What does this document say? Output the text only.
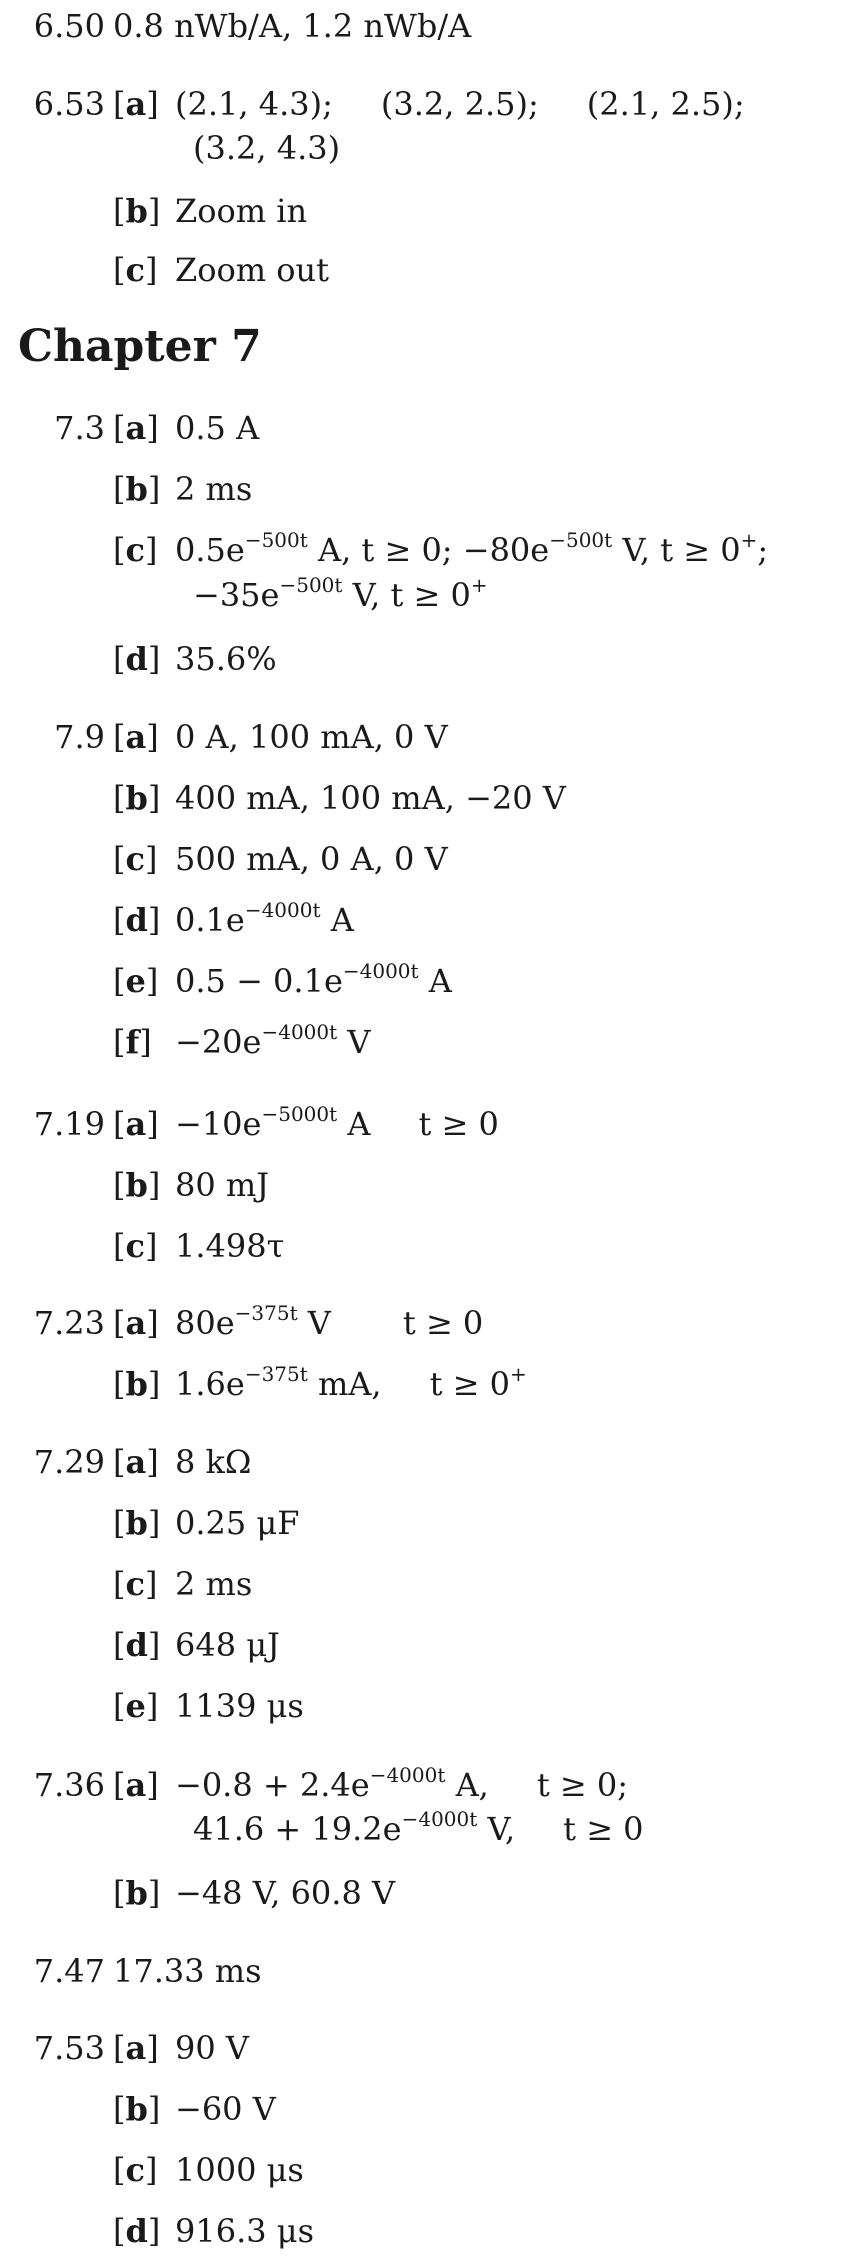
6.50 0.8 nWb/A, 1.2 nWb/A
6.53 [a] (2.1, 4.3); (3.2, 2.5); (2.1, 2.5);
(3.2, 4.3)
[b] Zoom in
[c] Zoom out
Chapter 7
7.3 [a] 0.5 A
[b] 2 ms
[c] $0.5e^{-500t}$ A, t ≥ 0; $-80e^{-500t}$ V, t ≥ 0+;
$-35e^{-500t}$ V, t ≥ 0+
[d] 35.6%
7.9 [a] 0 A, 100 mA, 0 V
[b] 400 mA, 100 mA, −20 V
[c] 500 mA, 0 A, 0 V
[d] $0.1e^{-4000t}$ A
[e] $0.5 - 0.1e^{-4000t}$ A
$[f] -20e^{-4000t}$ V
7.19 $[a] -10e^{-5000t}$ A t ≥ 0
[b] 80 mJ
[c] 1.498τ
7.23 [a] $80e^{-375t}$ V t ≥ 0
[b] $1.6e^{-375t}$ mA, t ≥ 0+
7.29 [a] 8 kΩ
[b] 0.25 μF
[c] 2 ms
[d] 648 μJ
[e] 1139 μs
7.36 $[a] -0.8 + 2.4e^{-4000t}$ A, t ≥ 0;
$41.6 + 19.2e^{-4000t}$ V, t ≥ 0
[b] −48 V, 60.8 V
7.47 17.33 ms
7.53 [a] 90 V
[b] −60 V
[c] 1000 μs
[d] 916.3 μs
